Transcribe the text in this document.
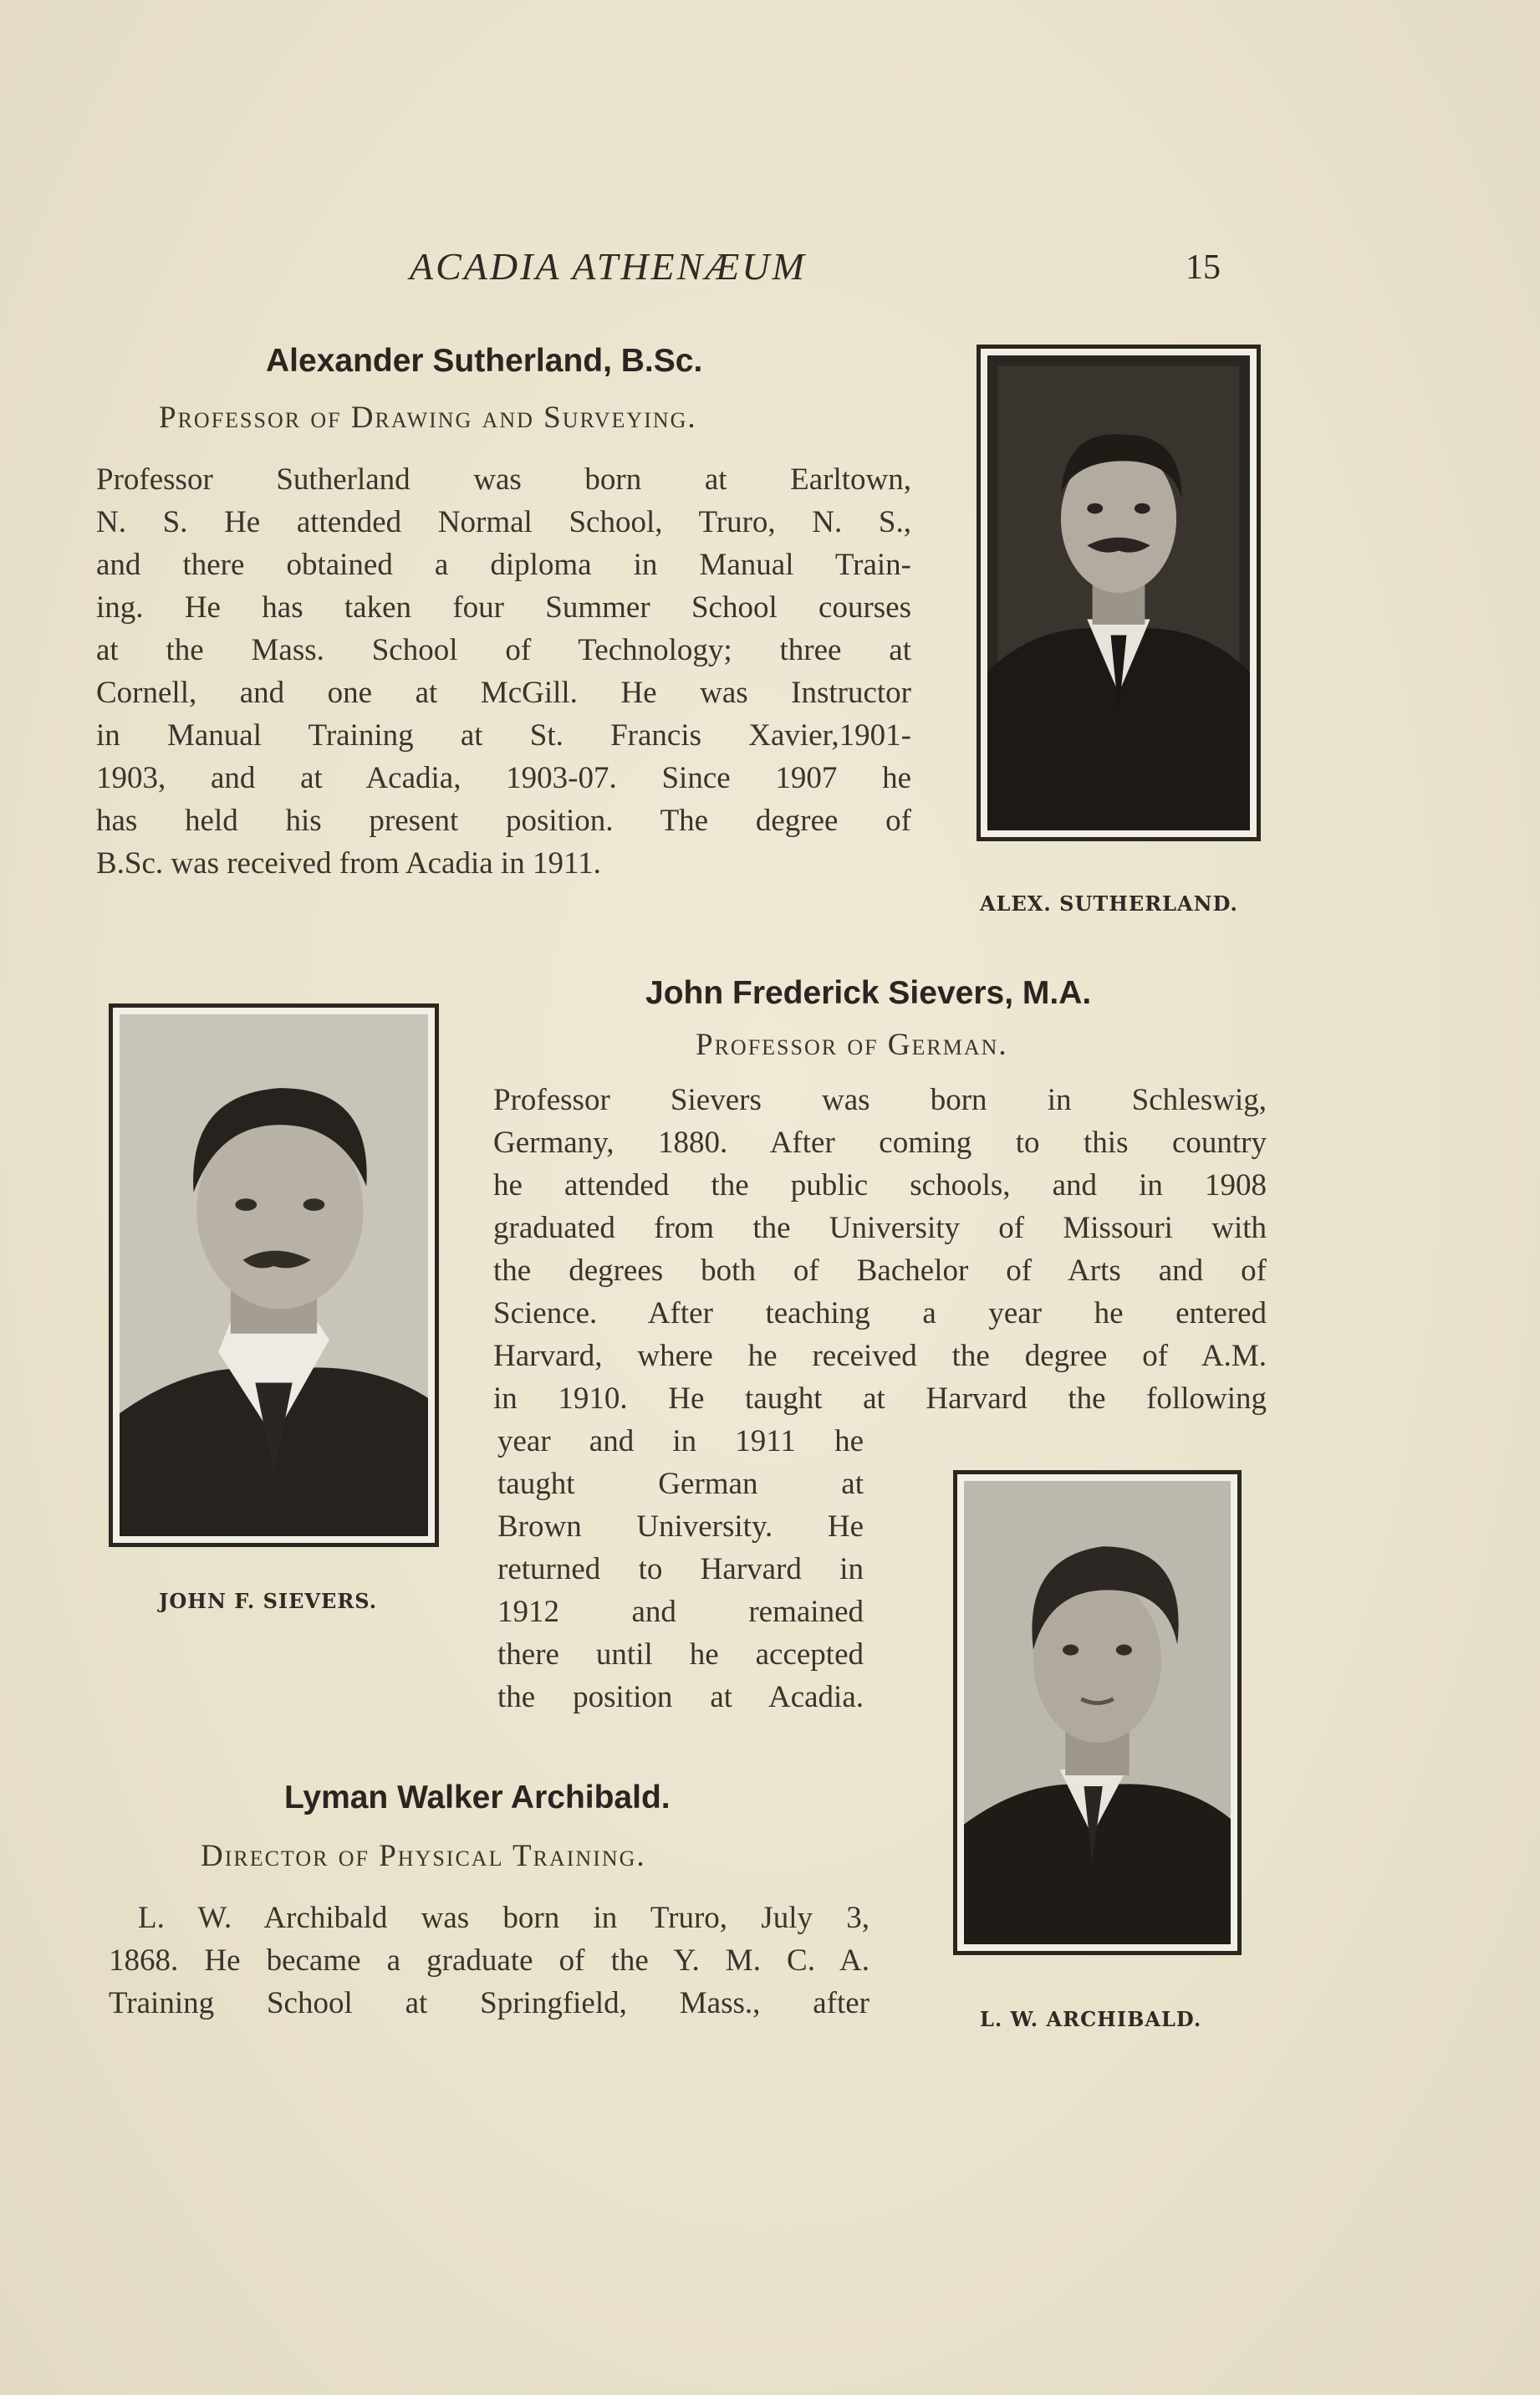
ACADIA ATHENÆUM	15
Alexander Sutherland, B.Sc.
Professor of Drawing and Surveying.
Professor Sutherland was born at Earltown,
N. S. He attended Normal School, Truro, N. S.,
and there obtained a diploma in Manual Train-
ing. He has taken four Summer School courses
at the Mass. School of Technology; three at
Cornell, and one at McGill. He was Instructor
in Manual Training at St. Francis Xavier,1901-
1903, and at Acadia, 1903-07. Since 1907 he
has held his present position. The degree of
B.Sc. was received from Acadia in 1911.
ALEX. SUTHERLAND.
John Frederick Sievers, M.A.
Professor of German.
Professor Sievers was born in Schleswig,
Germany, 1880. After coming to this country
he attended the public schools, and in 1908
graduated from the University of Missouri with
the degrees both of Bachelor of Arts and of
Science. After teaching a year he entered
Harvard, where he received the degree of A.M.
in 1910. He taught at Harvard the following
year and in 1911 he
taught German at
Brown University. He
returned to Harvard in
1912 and remained
there until he accepted
the position at Acadia.
JOHN F. SIEVERS.
Lyman Walker Archibald.
Director of Physical Training.
L. W. Archibald was born in Truro, July 3,
1868. He became a graduate of the Y. M. C. A.
Training School at Springfield, Mass., after	L. W. ARCHIBALD.
